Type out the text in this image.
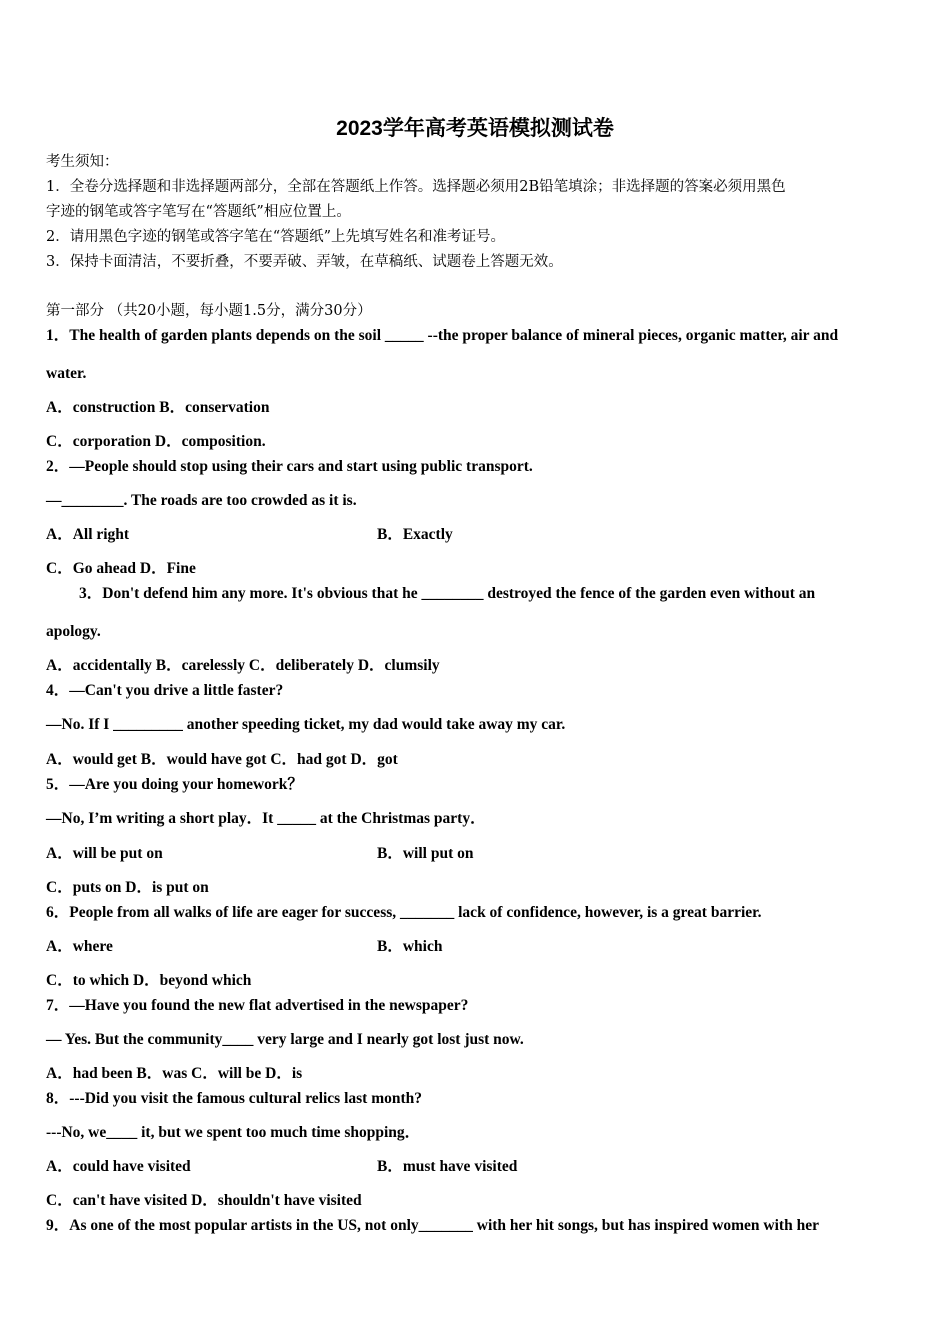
2023学年高考英语模拟测试卷
考生须知：
1．全卷分选择题和非选择题两部分，全部在答题纸上作答。选择题必须用2B铅笔填涂；非选择题的答案必须用黑色
字迹的钢笔或答字笔写在“答题纸”相应位置上。
2．请用黑色字迹的钢笔或答字笔在“答题纸”上先填写姓名和准考证号。
3．保持卡面清洁，不要折叠，不要弄破、弄皱，在草稿纸、试题卷上答题无效。
第一部分 （共20小题，每小题1.5分，满分30分）
1．The health of garden plants depends on the soil _____ --the proper balance of mineral pieces, organic matter, air and
water.
A．construction B．conservation
C．corporation D．composition.
2．—People should stop using their cars and start using public transport.
—________. The roads are too crowded as it is.
A．All right	B．Exactly
C．Go ahead D．Fine
3．Don't defend him any more. It's obvious that he ________ destroyed the fence of the garden even without an
apology.
A．accidentally B．carelessly C．deliberately D．clumsily
4．—Can't you drive a little faster?
—No. If I _________ another speeding ticket, my dad would take away my car.
A．would get B．would have got C．had got D．got
5．—Are you doing your homework？
—No, I’m writing a short play．It _____ at the Christmas party．
A．will be put on	B．will put on
C．puts on D．is put on
6．People from all walks of life are eager for success, _______ lack of confidence, however, is a great barrier.
A．where	B．which
C．to which D．beyond which
7．—Have you found the new flat advertised in the newspaper?
— Yes. But the community____ very large and I nearly got lost just now.
A．had been B．was C．will be D．is
8．---Did you visit the famous cultural relics last month?
---No, we____ it, but we spent too much time shopping．
A．could have visited	B．must have visited
C．can't have visited D．shouldn't have visited
9．As one of the most popular artists in the US, not only_______ with her hit songs, but has inspired women with her
